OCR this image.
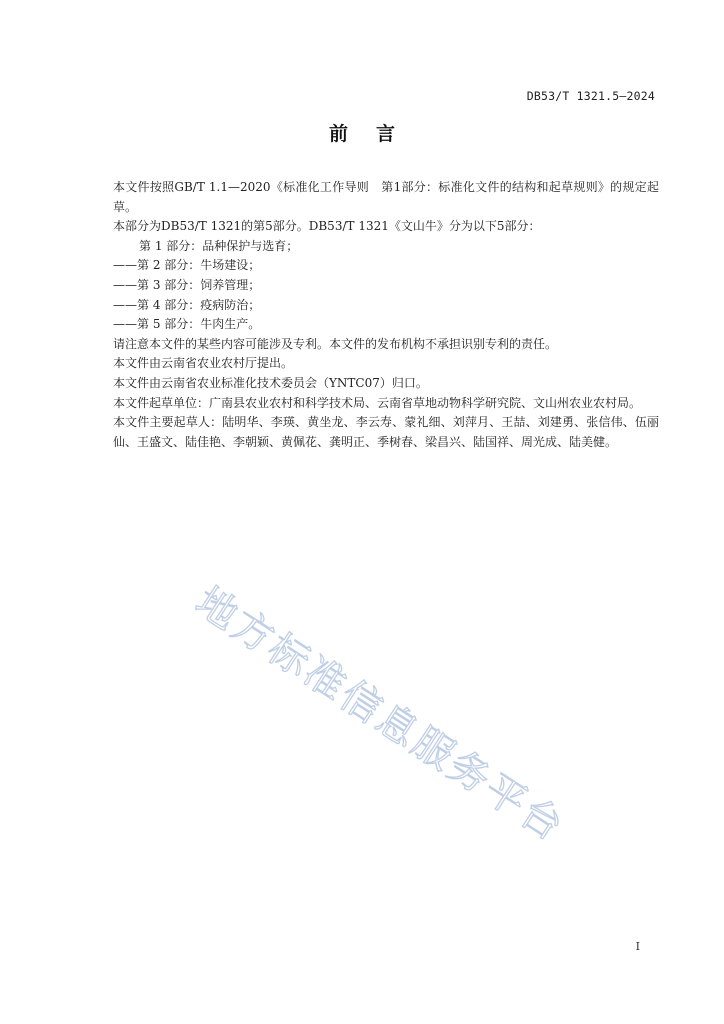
DB53/T 1321.5—2024
前言

本文件按照GB/T 1.1—2020《标准化工作导则　第1部分：标准化文件的结构和起草规则》的规定起草。

本部分为DB53/T 1321的第5部分。DB53/T 1321《文山牛》分为以下5部分：

第 1 部分：品种保护与选育；

——第 2 部分：牛场建设；

——第 3 部分：饲养管理；

——第 4 部分：疫病防治；

——第 5 部分：牛肉生产。

请注意本文件的某些内容可能涉及专利。本文件的发布机构不承担识别专利的责任。

本文件由云南省农业农村厅提出。

本文件由云南省农业标准化技术委员会（YNTC07）归口。

本文件起草单位：广南县农业农村和科学技术局、云南省草地动物科学研究院、文山州农业农村局。

本文件主要起草人：陆明华、李瑛、黄坐龙、李云寿、蒙礼细、刘萍月、王喆、刘建勇、张信伟、伍丽仙、王盛文、陆佳艳、李朝颖、黄佩花、龚明正、季树春、梁昌兴、陆国祥、周光成、陆美健。

地方标准信息服务平台
I
